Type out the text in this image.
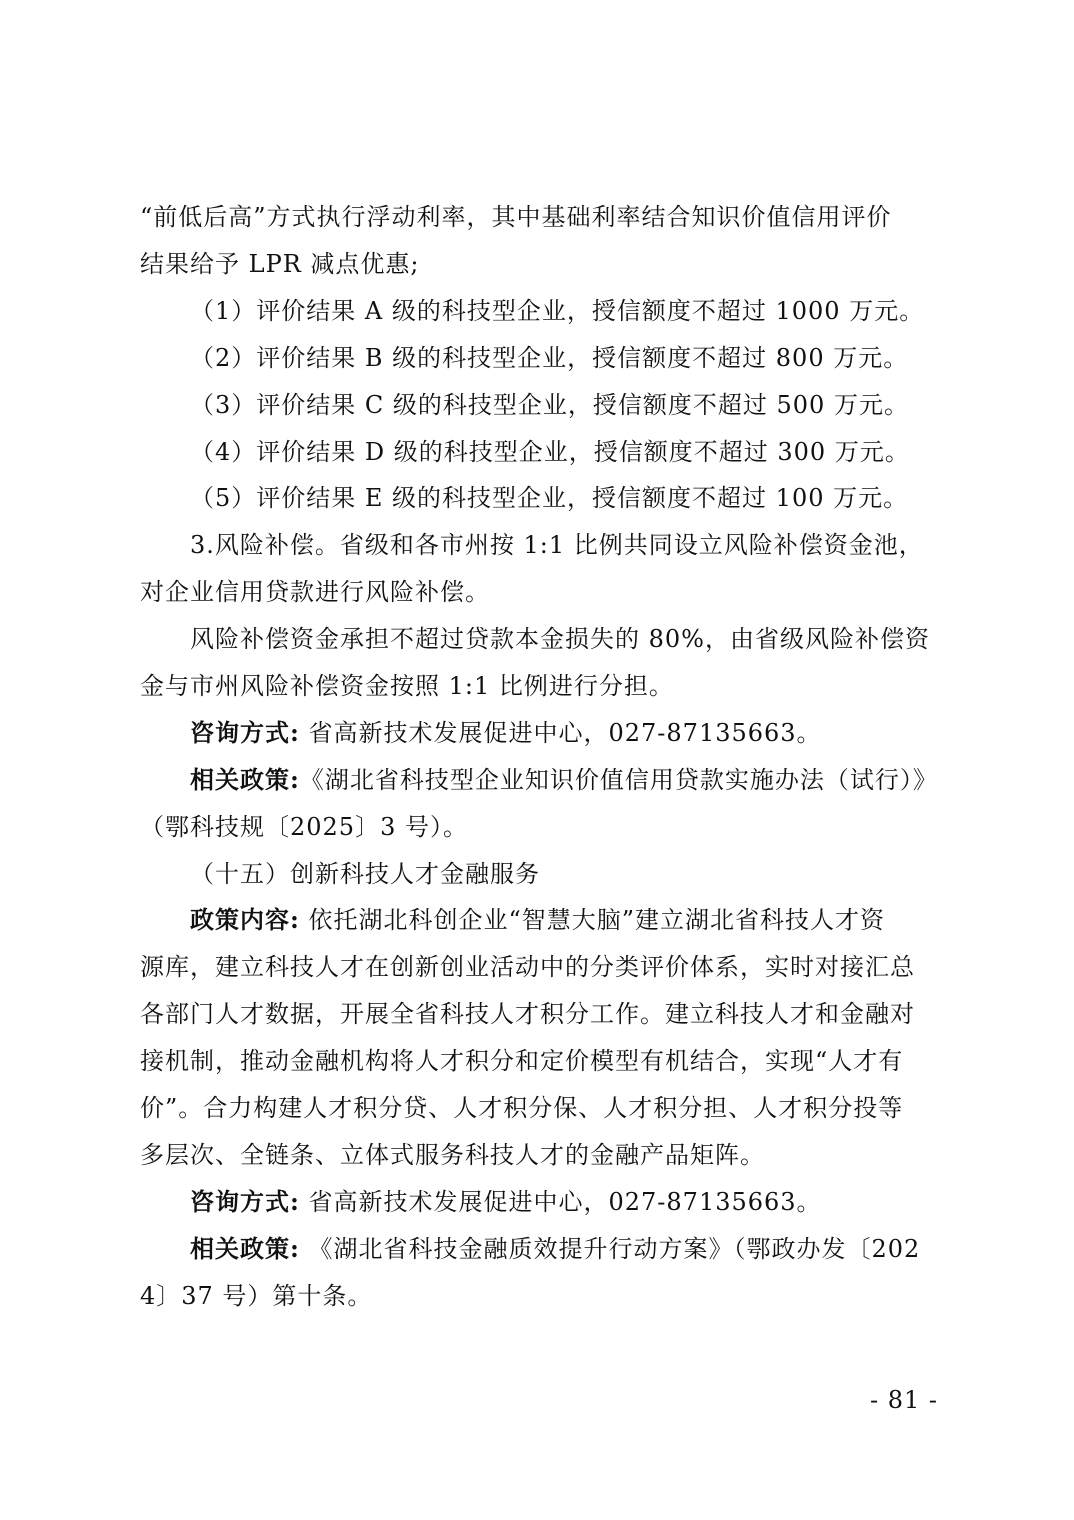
“前低后高”方式执行浮动利率，其中基础利率结合知识价值信用评价
结果给予 LPR 减点优惠;
（1）评价结果 A 级的科技型企业，授信额度不超过 1000 万元。
（2）评价结果 B 级的科技型企业，授信额度不超过 800 万元。
（3）评价结果 C 级的科技型企业，授信额度不超过 500 万元。
（4）评价结果 D 级的科技型企业，授信额度不超过 300 万元。
（5）评价结果 E 级的科技型企业，授信额度不超过 100 万元。
3.风险补偿。省级和各市州按 1:1 比例共同设立风险补偿资金池，
对企业信用贷款进行风险补偿。
风险补偿资金承担不超过贷款本金损失的 80%，由省级风险补偿资
金与市州风险补偿资金按照 1:1 比例进行分担。
咨询方式: 省高新技术发展促进中心，027-87135663。
相关政策:《湖北省科技型企业知识价值信用贷款实施办法（试行）》
（鄂科技规〔2025〕3 号）。
（十五）创新科技人才金融服务
政策内容: 依托湖北科创企业“智慧大脑”建立湖北省科技人才资
源库，建立科技人才在创新创业活动中的分类评价体系，实时对接汇总
各部门人才数据，开展全省科技人才积分工作。建立科技人才和金融对
接机制，推动金融机构将人才积分和定价模型有机结合，实现“人才有
价”。合力构建人才积分贷、人才积分保、人才积分担、人才积分投等
多层次、全链条、立体式服务科技人才的金融产品矩阵。
咨询方式: 省高新技术发展促进中心，027-87135663。
相关政策: 《湖北省科技金融质效提升行动方案》（鄂政办发〔202
4〕37 号）第十条。
- 81 -
